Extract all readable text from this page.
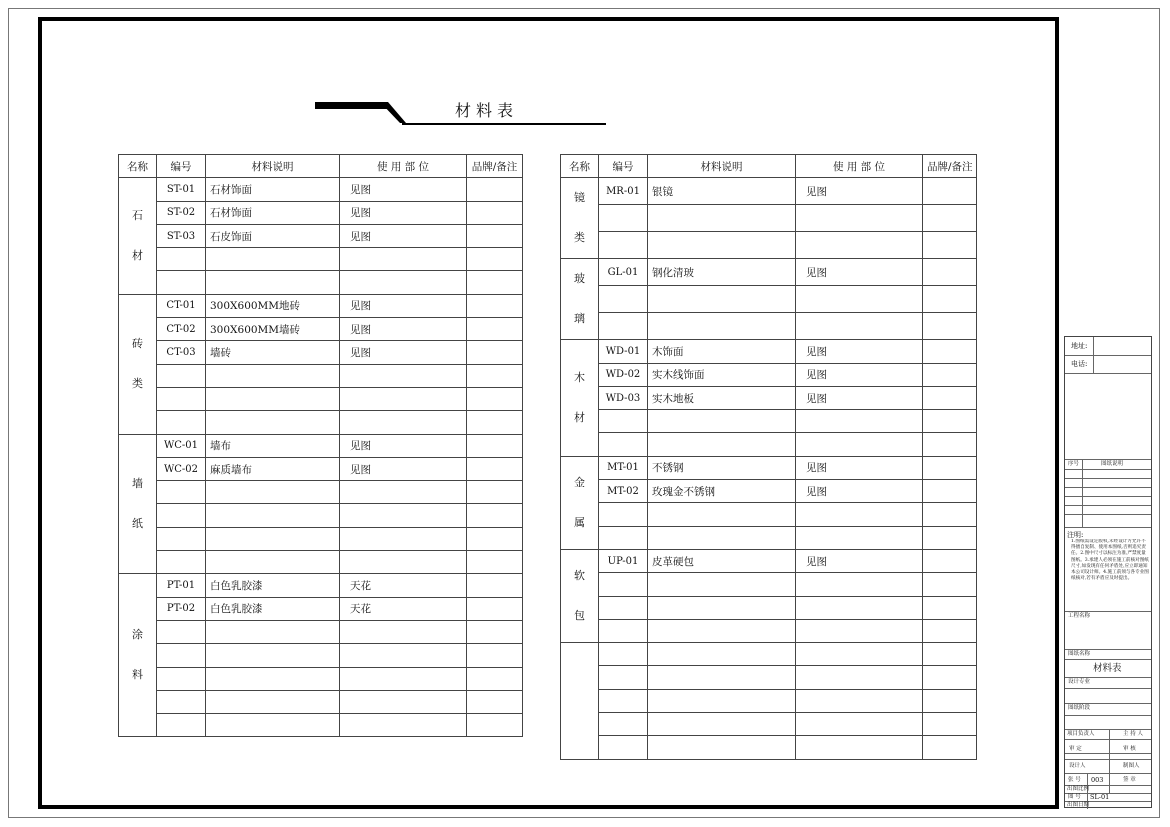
材料表
名称	编号	材料说明	使 用 部 位	品牌/备注

石
材	ST-01	石材饰面	见图	
	ST-02	石材饰面	见图	
	ST-03	石皮饰面	见图	

砖
类	CT-01	300X600MM地砖	见图	
	CT-02	300X600MM墙砖	见图	
	CT-03	墙砖	见图	

墙
纸	WC-01	墙布	见图	
	WC-02	麻质墙布	见图	

涂
料	PT-01	白色乳胶漆	天花	
	PT-02	白色乳胶漆	天花	

名称	编号	材料说明	使 用 部 位	品牌/备注

镜
类	MR-01	银镜	见图	

玻
璃	GL-01	钢化清玻	见图	

木
材	WD-01	木饰面	见图	
	WD-02	实木线饰面	见图	
	WD-03	实木地板	见图	

金
属	MT-01	不锈钢	见图	
	MT-02	玫瑰金不锈钢	见图	

软
包	UP-01	皮革硬包	见图	

地址:
电话:
序号	图纸说明
注明:
1.图纸需设定版权,未经设计方允许不得擅自复制、使用本图纸,否则追究责任。2.图中尺寸以标注为准,严禁度量图纸。3.承建人必须在施工前核对图纸尺寸,如发现有任何矛盾处,应立即通知本公司设计师。4.施工前须与各专业图纸核对,若有矛盾应及时提出。
工程名称
图纸名称
材料表
设计专业
图纸阶段
项目负责人	主 持 人
审 定	审 核
设计人	制图人
张 号 003	签 章
出图比例
图 号 SL-01
出图日期
